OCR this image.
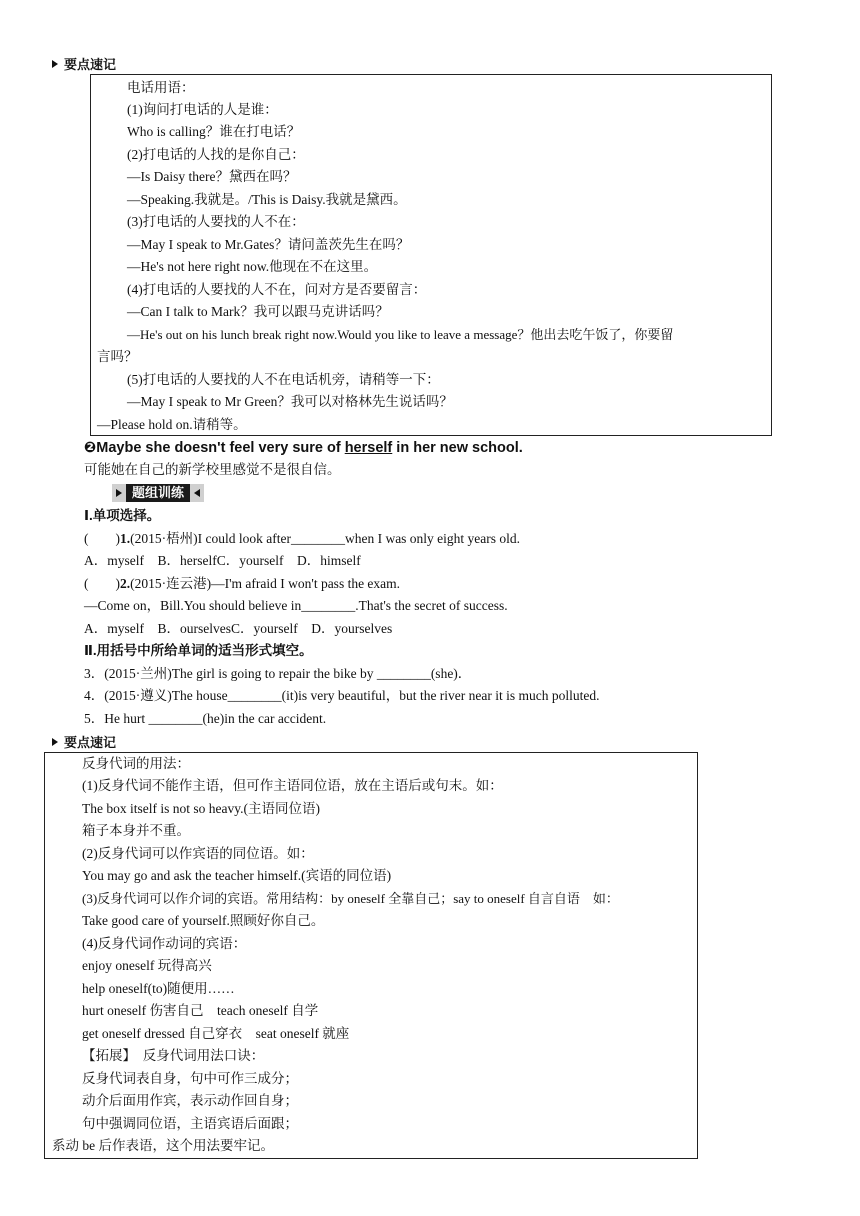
要点速记
电话用语：
(1)询问打电话的人是谁：
Who is calling？谁在打电话？
(2)打电话的人找的是你自己：
—Is Daisy there？黛西在吗？
—Speaking.我就是。/This is Daisy.我就是黛西。
(3)打电话的人要找的人不在：
—May I speak to Mr.Gates？请问盖茨先生在吗？
—He's not here right now.他现在不在这里。
(4)打电话的人要找的人不在，问对方是否要留言：
—Can I talk to Mark？我可以跟马克讲话吗？
—He's out on his lunch break right now.Would you like to leave a message？他出去吃午饭了，你要留
言吗？
(5)打电话的人要找的人不在电话机旁，请稍等一下：
—May I speak to Mr Green？我可以对格林先生说话吗？
—Please hold on.请稍等。
❷Maybe she doesn't feel very sure of herself in her new school.
可能她在自己的新学校里感觉不是很自信。
题组训练
Ⅰ.单项选择。
(　　)1.(2015·梧州)I could look after________when I was only eight years old.
A．myself　B．herselfC．yourself　D．himself
(　　)2.(2015·连云港)—I'm afraid I won't pass the exam.
—Come on，Bill.You should believe in________.That's the secret of success.
A．myself　B．ourselvesC．yourself　D．yourselves
Ⅱ.用括号中所给单词的适当形式填空。
3．(2015·兰州)The girl is going to repair the bike by ________(she)．
4．(2015·遵义)The house________(it)is very beautiful，but the river near it is much polluted.
5．He hurt ________(he)in the car accident.
要点速记
反身代词的用法：
(1)反身代词不能作主语，但可作主语同位语，放在主语后或句末。如：
The box itself is not so heavy.(主语同位语)
箱子本身并不重。
(2)反身代词可以作宾语的同位语。如：
You may go and ask the teacher himself.(宾语的同位语)
(3)反身代词可以作介词的宾语。常用结构：by oneself 全靠自己；say to oneself 自言自语　如：
Take good care of yourself.照顾好你自己。
(4)反身代词作动词的宾语：
enjoy oneself 玩得高兴
help oneself(to)随便用……
hurt oneself 伤害自己　teach oneself 自学
get oneself dressed 自己穿衣　seat oneself 就座
【拓展】　反身代词用法口诀：
反身代词表自身，句中可作三成分；
动介后面用作宾，表示动作回自身；
句中强调同位语，主语宾语后面跟；
系动 be 后作表语，这个用法要牢记。
